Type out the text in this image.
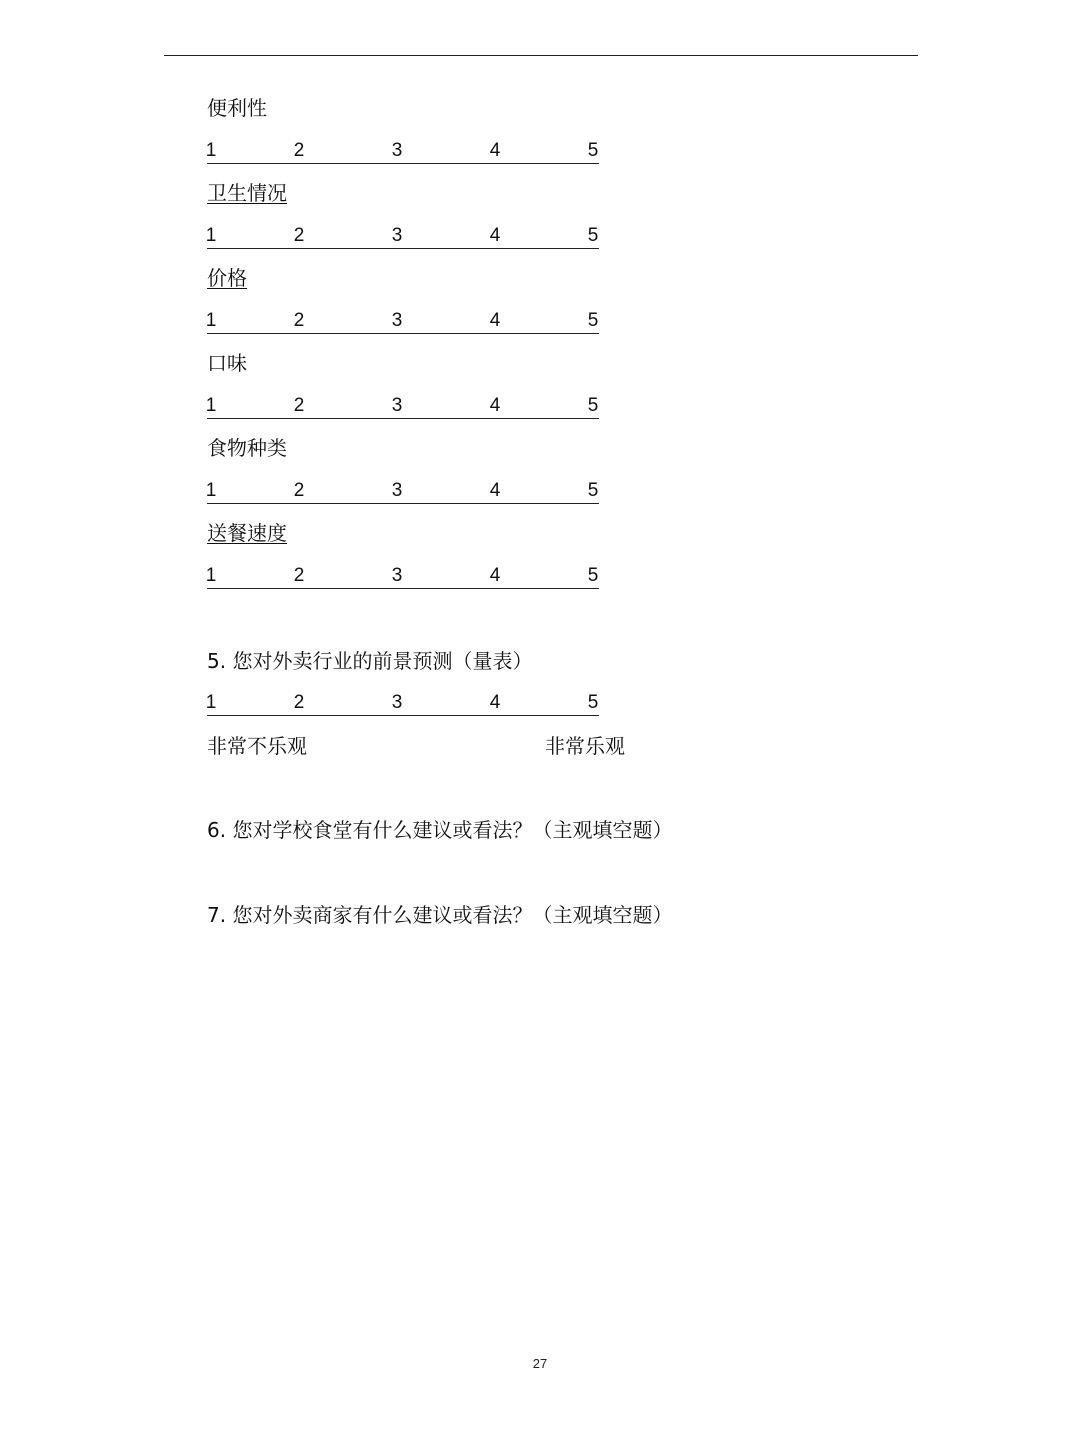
便利性
1	2	3	4	5
卫生情况
1	2	3	4	5
价格
1	2	3	4	5
口味
1	2	3	4	5
食物种类
1	2	3	4	5
送餐速度
1	2	3	4	5
5. 您对外卖行业的前景预测（量表）
1	2	3	4	5
非常不乐观	非常乐观
6. 您对学校食堂有什么建议或看法？（主观填空题）
7. 您对外卖商家有什么建议或看法？（主观填空题）
27
